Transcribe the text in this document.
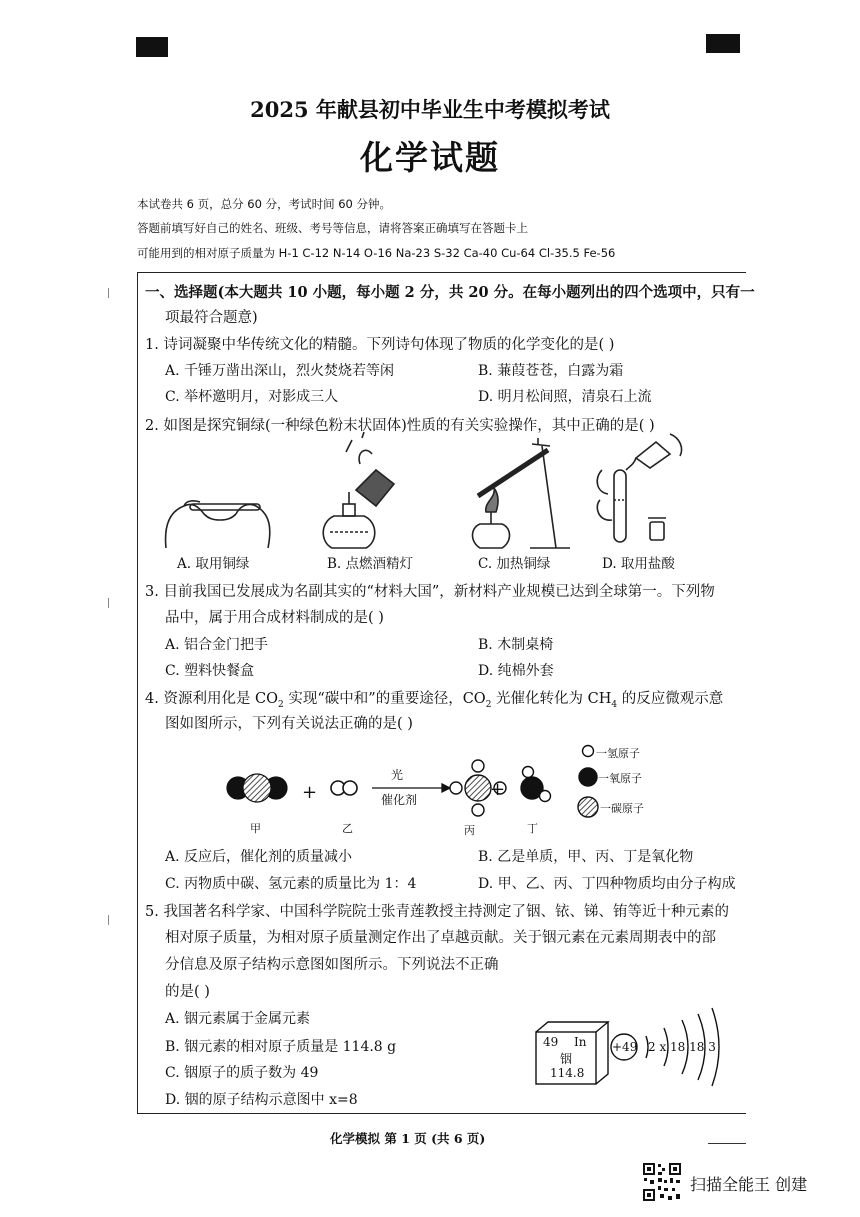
2025 年献县初中毕业生中考模拟考试
化学试题
本试卷共 6 页，总分 60 分，考试时间 60 分钟。
答题前填写好自己的姓名、班级、考号等信息，请将答案正确填写在答题卡上
可能用到的相对原子质量为 H-1 C-12 N-14 O-16 Na-23 S-32 Ca-40 Cu-64 Cl-35.5 Fe-56
一、选择题(本大题共 10 小题，每小题 2 分，共 20 分。在每小题列出的四个选项中，只有一
项最符合题意)
1. 诗词凝聚中华传统文化的精髓。下列诗句体现了物质的化学变化的是( )
A. 千锤万凿出深山，烈火焚烧若等闲	B. 蒹葭苍苍，白露为霜
C. 举杯邀明月，对影成三人	D. 明月松间照，清泉石上流
2. 如图是探究铜绿(一种绿色粉末状固体)性质的有关实验操作，其中正确的是( )
A. 取用铜绿	B. 点燃酒精灯	C. 加热铜绿	D. 取用盐酸
3. 目前我国已发展成为名副其实的“材料大国”，新材料产业规模已达到全球第一。下列物
品中，属于用合成材料制成的是( )
A. 铝合金门把手	B. 木制桌椅
C. 塑料快餐盒	D. 纯棉外套
4. 资源利用化是 $CO_2$ 实现“碳中和”的重要途径，$CO_2$ 光催化转化为 $CH_4$ 的反应微观示意
图如图所示，下列有关说法正确的是( )
+	+
光
催化剂
甲	乙	丙	丁
一氢原子
一氧原子
一碳原子
A. 反应后，催化剂的质量减小	B. 乙是单质，甲、丙、丁是氧化物
C. 丙物质中碳、氢元素的质量比为 1：4	D. 甲、乙、丙、丁四种物质均由分子构成
5. 我国著名科学家、中国科学院院士张青莲教授主持测定了铟、铱、锑、铕等近十种元素的
相对原子质量，为相对原子质量测定作出了卓越贡献。关于铟元素在元素周期表中的部
分信息及原子结构示意图如图所示。下列说法不正确
的是( )
A. 铟元素属于金属元素
B. 铟元素的相对原子质量是 114.8 g
C. 铟原子的质子数为 49
D. 铟的原子结构示意图中 x=8
49 In
铟
114.8
+49 2 x 18 18 3
化学模拟 第 1 页 (共 6 页)
扫描全能王 创建
